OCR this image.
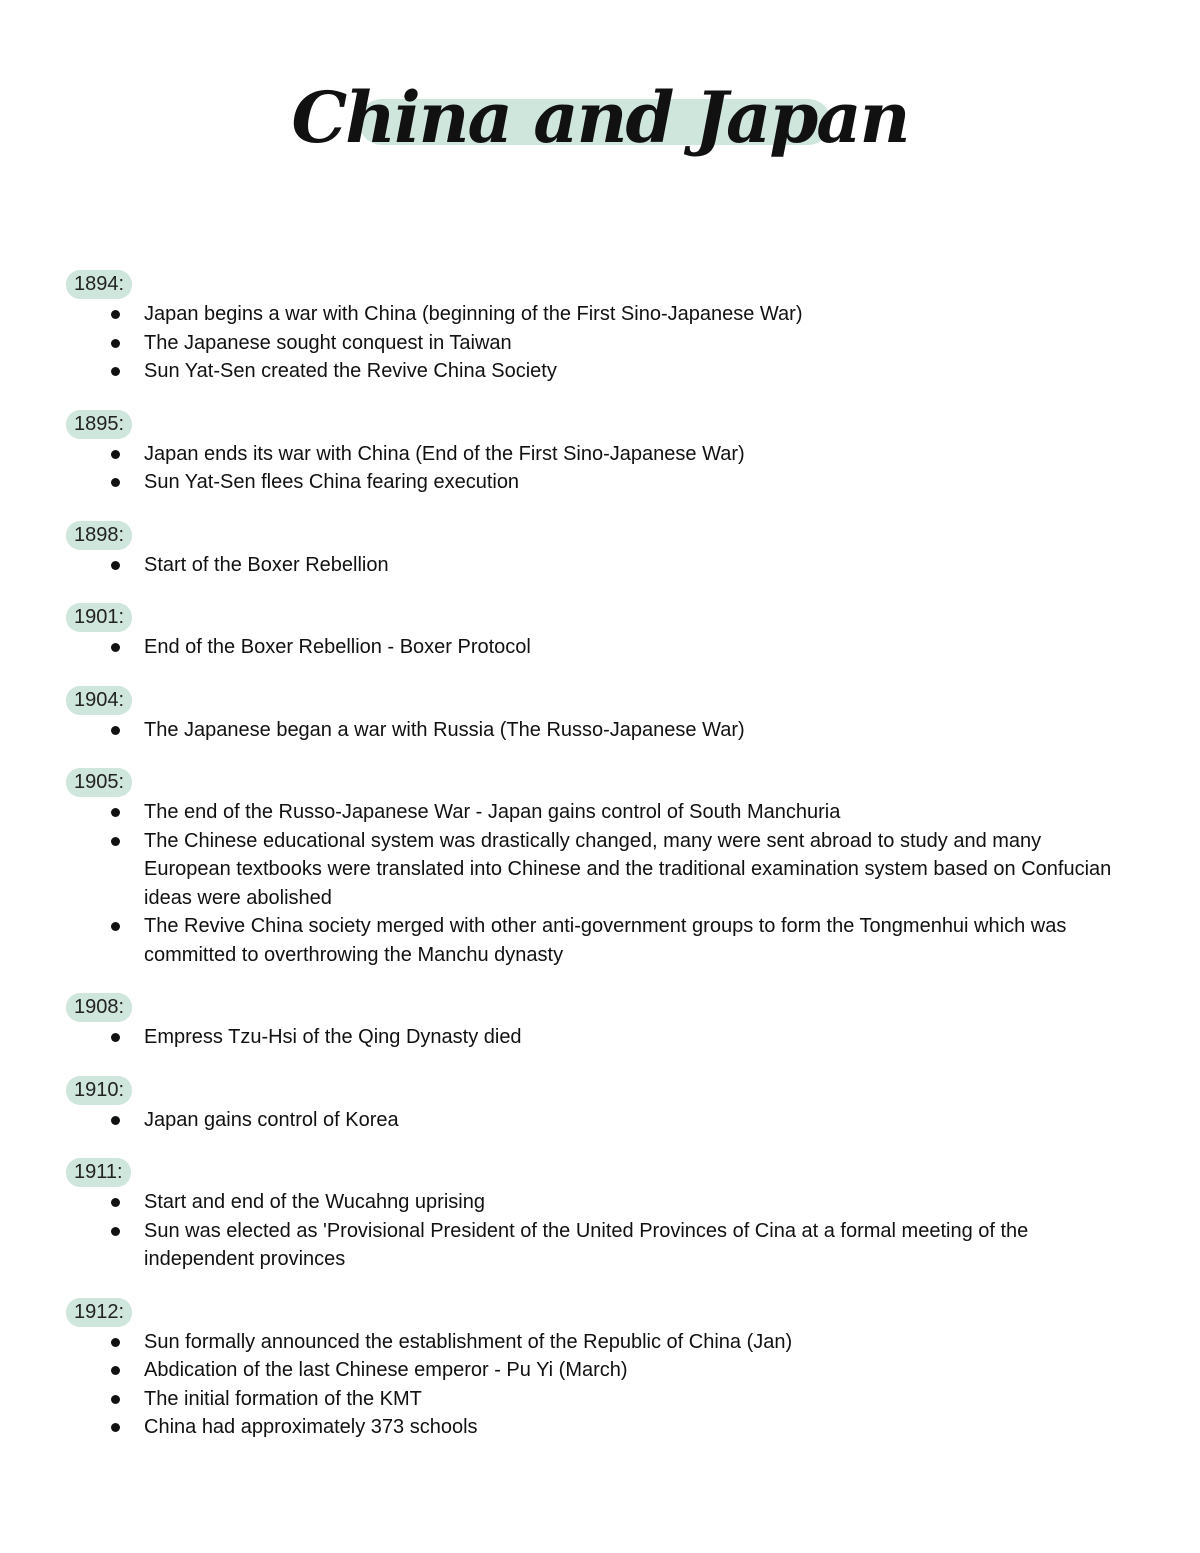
China and Japan
1894:
Japan begins a war with China (beginning of the First Sino-Japanese War)
The Japanese sought conquest in Taiwan
Sun Yat-Sen created the Revive China Society
1895:
Japan ends its war with China (End of the First Sino-Japanese War)
Sun Yat-Sen flees China fearing execution
1898:
Start of the Boxer Rebellion
1901:
End of the Boxer Rebellion - Boxer Protocol
1904:
The Japanese began a war with Russia (The Russo-Japanese War)
1905:
The end of the Russo-Japanese War - Japan gains control of South Manchuria
The Chinese educational system was drastically changed, many were sent abroad to study and many European textbooks were translated into Chinese and the traditional examination system based on Confucian ideas were abolished
The Revive China society merged with other anti-government groups to form the Tongmenhui which was committed to overthrowing the Manchu dynasty
1908:
Empress Tzu-Hsi of the Qing Dynasty died
1910:
Japan gains control of Korea
1911:
Start and end of the Wucahng uprising
Sun was elected as 'Provisional President of the United Provinces of Cina at a formal meeting of the independent provinces
1912:
Sun formally announced the establishment of the Republic of China (Jan)
Abdication of the last Chinese emperor - Pu Yi (March)
The initial formation of the KMT
China had approximately 373 schools
